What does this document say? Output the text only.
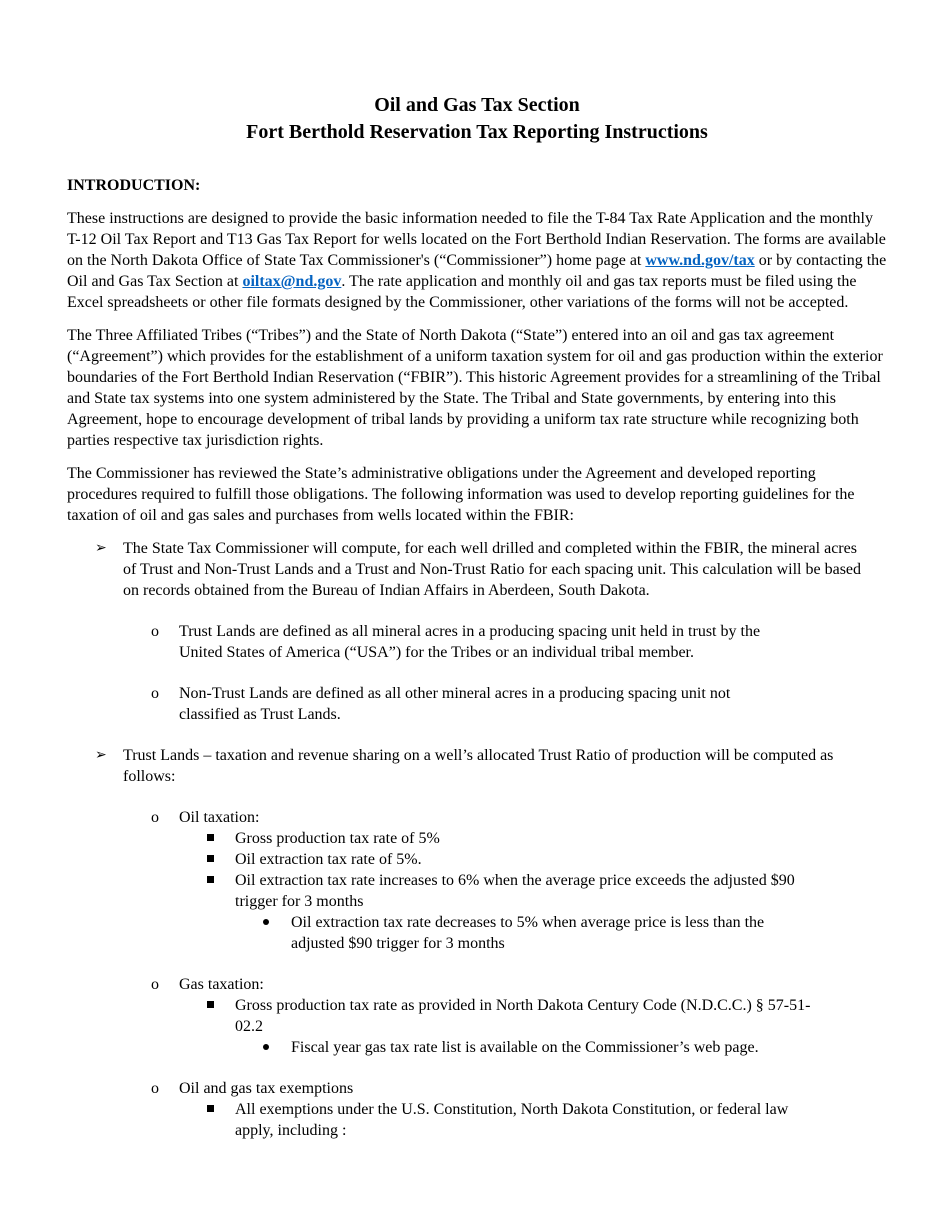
Oil and Gas Tax Section
Fort Berthold Reservation Tax Reporting Instructions
INTRODUCTION:

These instructions are designed to provide the basic information needed to file the T-84 Tax Rate Application and the monthly T-12 Oil Tax Report and T13 Gas Tax Report for wells located on the Fort Berthold Indian Reservation. The forms are available on the North Dakota Office of State Tax Commissioner's (“Commissioner”) home page at www.nd.gov/tax or by contacting the Oil and Gas Tax Section at oiltax@nd.gov. The rate application and monthly oil and gas tax reports must be filed using the Excel spreadsheets or other file formats designed by the Commissioner, other variations of the forms will not be accepted.

The Three Affiliated Tribes (“Tribes”) and the State of North Dakota (“State”) entered into an oil and gas tax agreement (“Agreement”) which provides for the establishment of a uniform taxation system for oil and gas production within the exterior boundaries of the Fort Berthold Indian Reservation (“FBIR”). This historic Agreement provides for a streamlining of the Tribal and State tax systems into one system administered by the State. The Tribal and State governments, by entering into this Agreement, hope to encourage development of tribal lands by providing a uniform tax rate structure while recognizing both parties respective tax jurisdiction rights.

The Commissioner has reviewed the State’s administrative obligations under the Agreement and developed reporting procedures required to fulfill those obligations. The following information was used to develop reporting guidelines for the taxation of oil and gas sales and purchases from wells located within the FBIR:

➢ The State Tax Commissioner will compute, for each well drilled and completed within the FBIR, the mineral acres of Trust and Non-Trust Lands and a Trust and Non-Trust Ratio for each spacing unit. This calculation will be based on records obtained from the Bureau of Indian Affairs in Aberdeen, South Dakota.
o Trust Lands are defined as all mineral acres in a producing spacing unit held in trust by the United States of America (“USA”) for the Tribes or an individual tribal member.
o Non-Trust Lands are defined as all other mineral acres in a producing spacing unit not classified as Trust Lands.
➢ Trust Lands – taxation and revenue sharing on a well’s allocated Trust Ratio of production will be computed as follows:
o Oil taxation:
Gross production tax rate of 5%
Oil extraction tax rate of 5%.
Oil extraction tax rate increases to 6% when the average price exceeds the adjusted $90 trigger for 3 months
Oil extraction tax rate decreases to 5% when average price is less than the adjusted $90 trigger for 3 months
o Gas taxation:
Gross production tax rate as provided in North Dakota Century Code (N.D.C.C.) § 57-51-02.2
Fiscal year gas tax rate list is available on the Commissioner’s web page.
o Oil and gas tax exemptions
All exemptions under the U.S. Constitution, North Dakota Constitution, or federal law apply, including :
